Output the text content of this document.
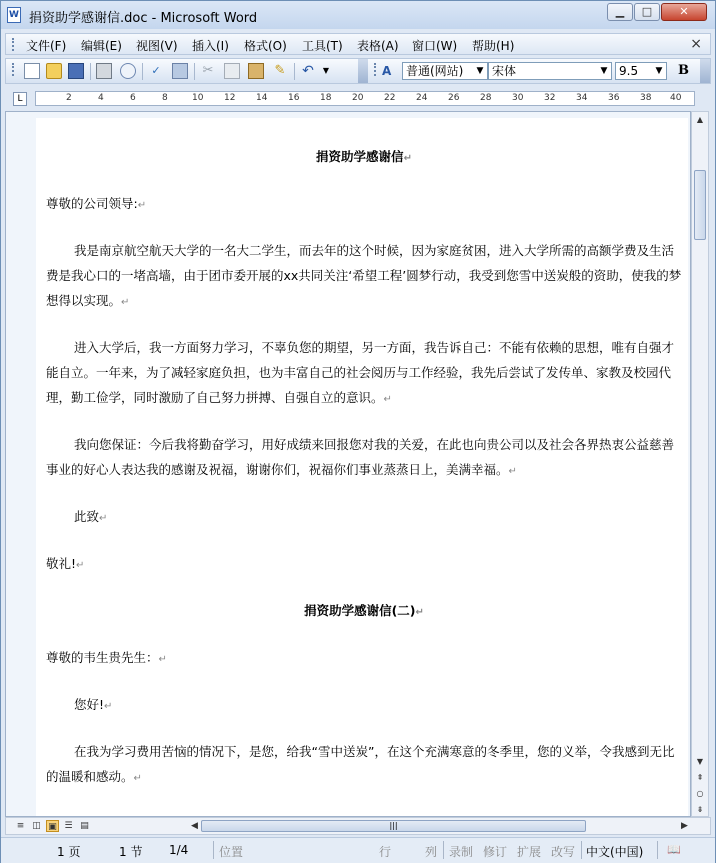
W 捐资助学感谢信.doc - Microsoft Word	▁	□	✕
文件(F) 编辑(E) 视图(V) 插入(I) 格式(O) 工具(T) 表格(A) 窗口(W) 帮助(H)	×
✓	✂	✎ ↶	▼	A	普通(网站)	▼ 宋体	▼ 9.5	▼ B
L	2	4	6	8	10 12 14 16 18 20 22 24 26 28 30 32 34 36 38 40

捐资助学感谢信↵

尊敬的公司领导:↵

我是南京航空航天大学的一名大二学生，而去年的这个时候，因为家庭贫困，进入大学所需的高额学费及生活费是我心口的一堵高墙，由于团市委开展的xx共同关注‘希望工程’圆梦行动，我受到您雪中送炭般的资助，使我的梦想得以实现。↵

进入大学后，我一方面努力学习，不辜负您的期望，另一方面，我告诉自己：不能有依赖的思想，唯有自强才能自立。一年来，为了减轻家庭负担，也为丰富自己的社会阅历与工作经验，我先后尝试了发传单、家教及校园代理，勤工俭学，同时激励了自己努力拼搏、自强自立的意识。↵

我向您保证：今后我将勤奋学习，用好成绩来回报您对我的关爱，在此也向贵公司以及社会各界热衷公益慈善事业的好心人表达我的感谢及祝福，谢谢你们，祝福你们事业蒸蒸日上，美满幸福。↵

此致↵

敬礼!↵

捐资助学感谢信(二)↵

尊敬的韦生贵先生：↵

您好!↵

在我为学习费用苦恼的情况下，是您，给我“雪中送炭”，在这个充满寒意的冬季里，您的义举，令我感到无比的温暖和感动。↵

▲
▼
⇞
○
⇟
≡ ◫ ▣ ☰ ▤	◀	|||	▶
1 页	1 节 1/4	位置	行	列 录制 修订 扩展 改写 中文(中国) 📖
